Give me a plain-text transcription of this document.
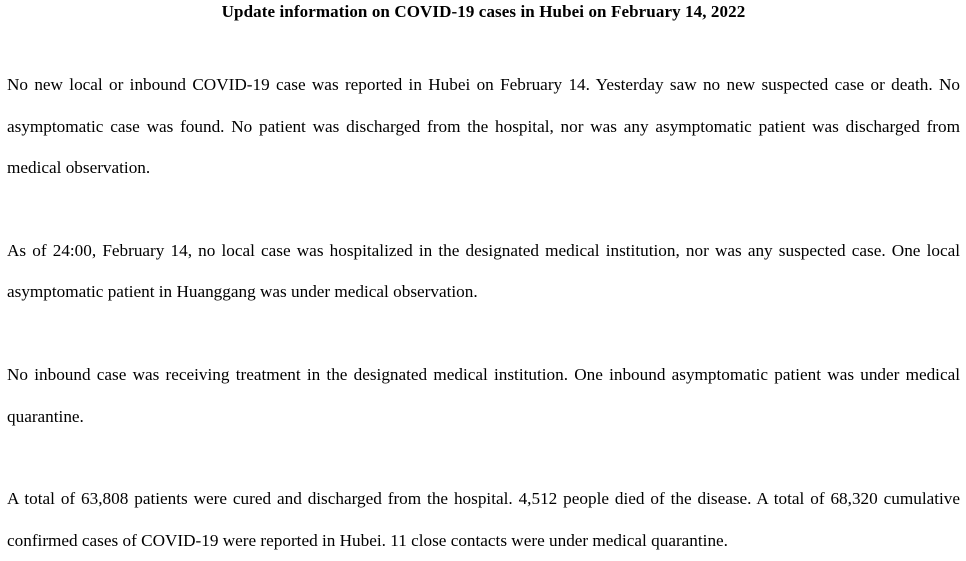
Update information on COVID-19 cases in Hubei on February 14, 2022

No new local or inbound COVID-19 case was reported in Hubei on February 14. Yesterday saw no new suspected case or death. No asymptomatic case was found. No patient was discharged from the hospital, nor was any asymptomatic patient was discharged from medical observation.

As of 24:00, February 14, no local case was hospitalized in the designated medical institution, nor was any suspected case. One local asymptomatic patient in Huanggang was under medical observation.

No inbound case was receiving treatment in the designated medical institution. One inbound asymptomatic patient was under medical quarantine.

A total of 63,808 patients were cured and discharged from the hospital. 4,512 people died of the disease. A total of 68,320 cumulative confirmed cases of COVID-19 were reported in Hubei. 11 close contacts were under medical quarantine.
